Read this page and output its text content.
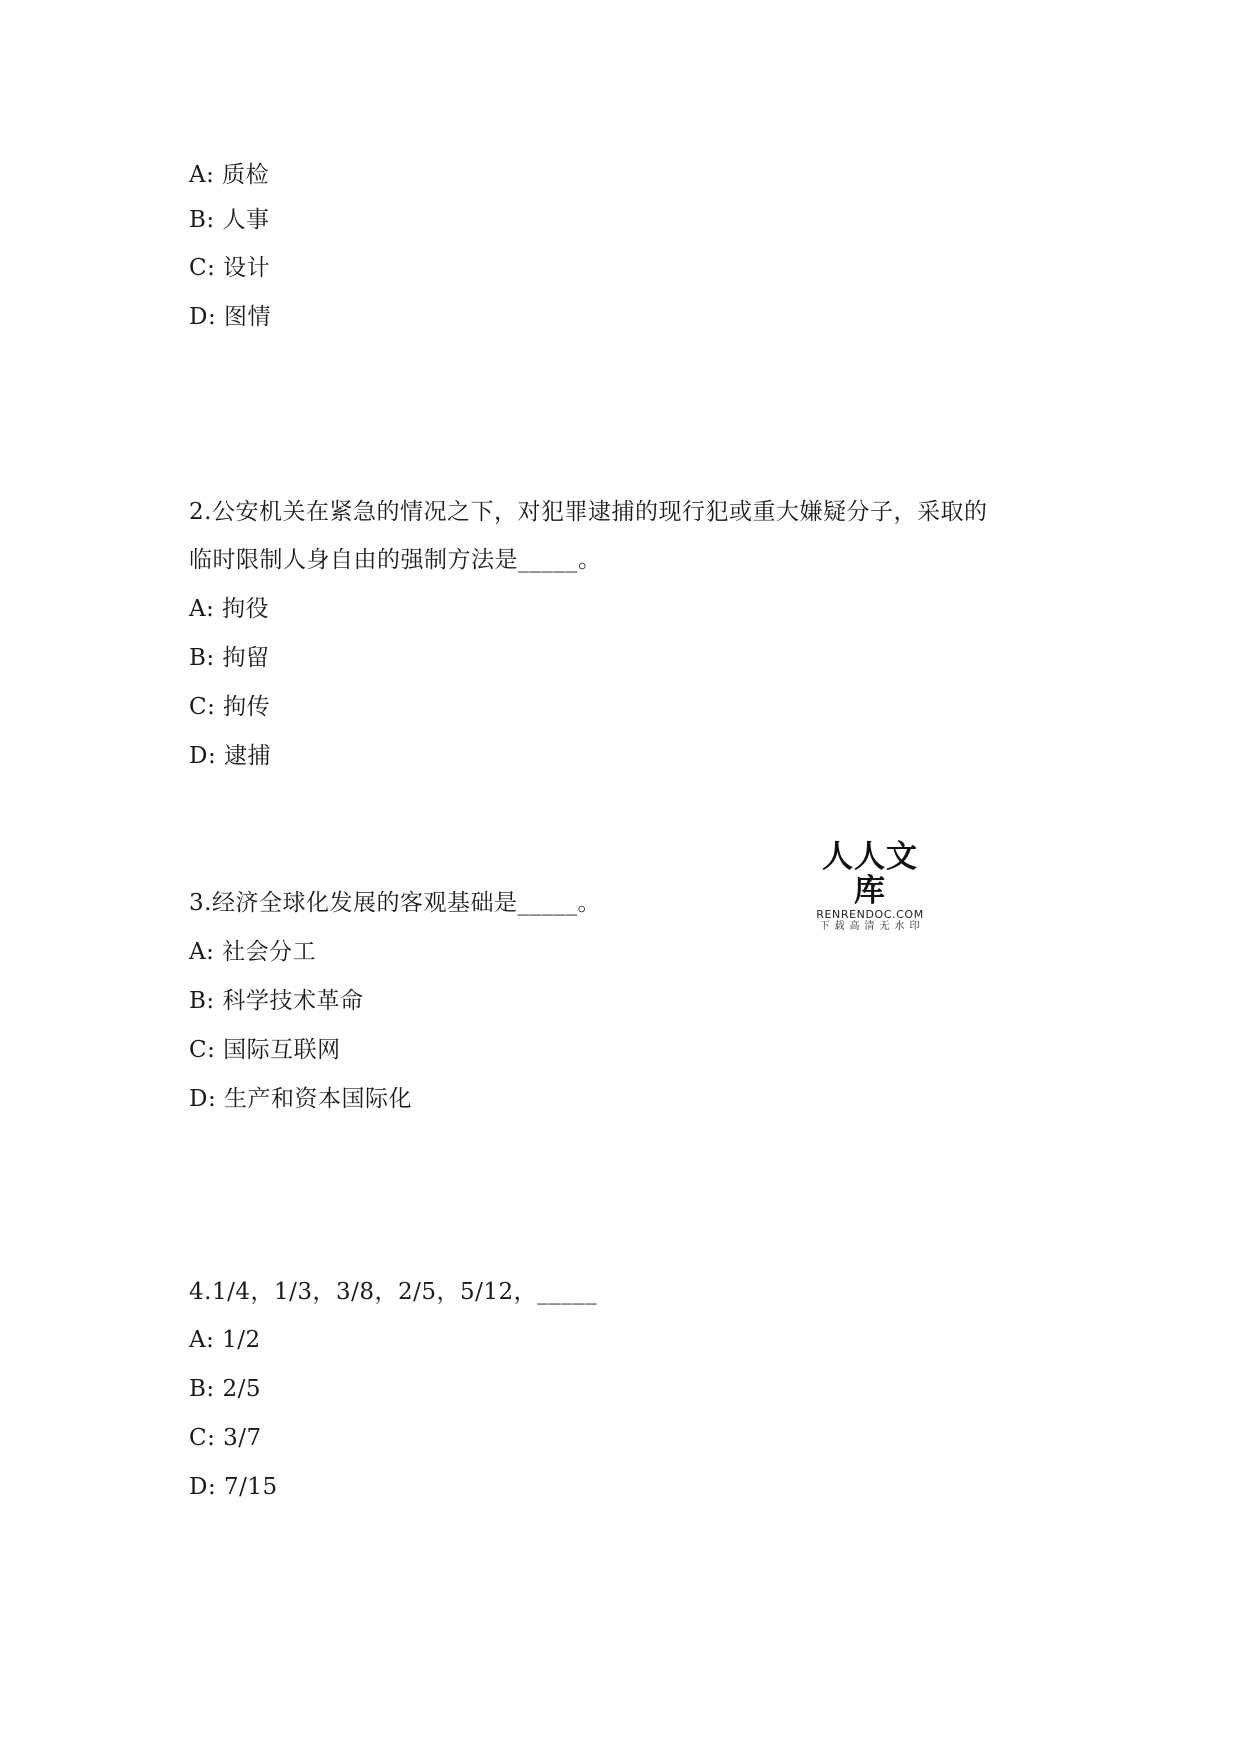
A: 质检
B: 人事
C: 设计
D: 图情
2.公安机关在紧急的情况之下，对犯罪逮捕的现行犯或重大嫌疑分子，采取的
临时限制人身自由的强制方法是_____。
A: 拘役
B: 拘留
C: 拘传
D: 逮捕
人人文库
RENRENDOC.COM
下载高清无水印
3.经济全球化发展的客观基础是_____。
A: 社会分工
B: 科学技术革命
C: 国际互联网
D: 生产和资本国际化
4.1/4，1/3，3/8，2/5，5/12，_____
A: 1/2
B: 2/5
C: 3/7
D: 7/15
